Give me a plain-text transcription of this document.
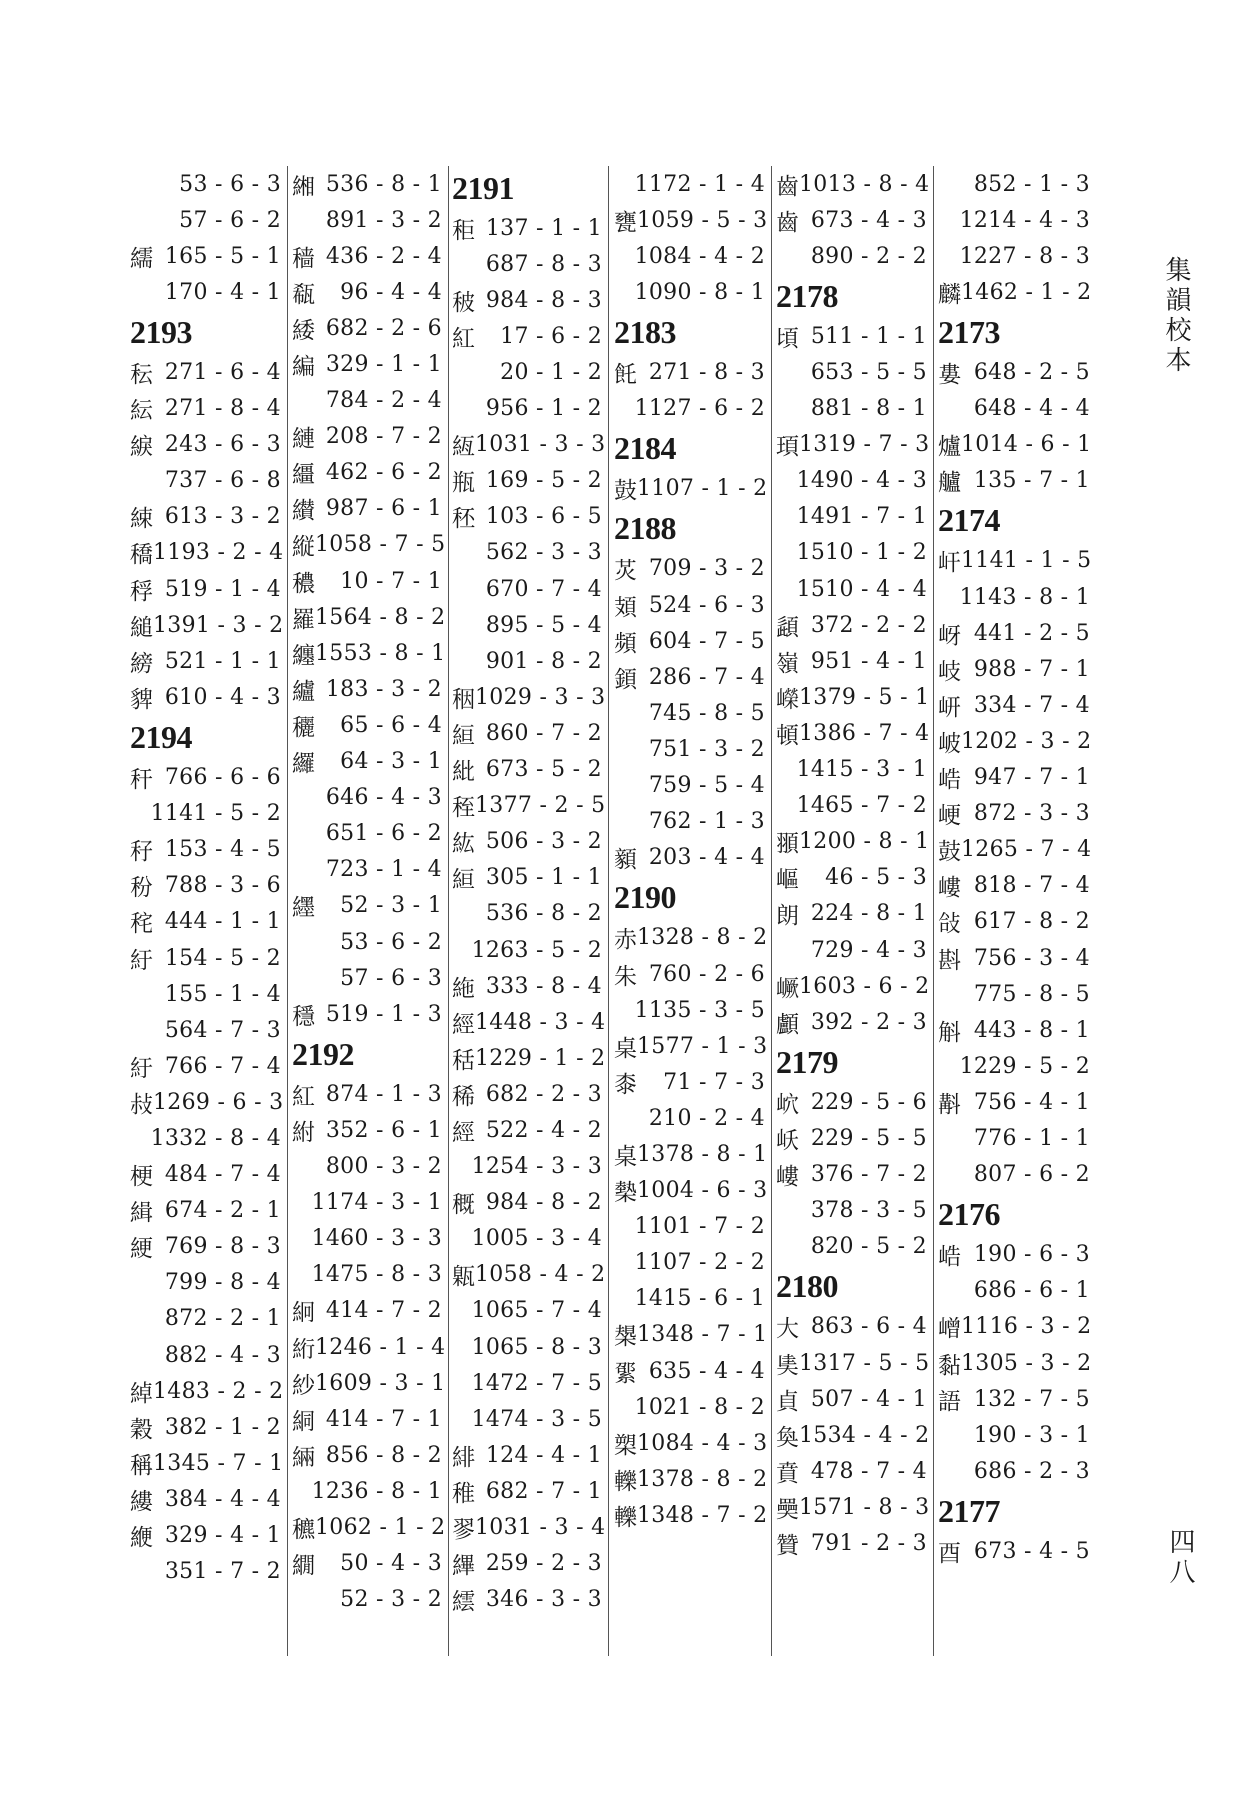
53 - 6 - 3
57 - 6 - 2
繻 165 - 5 - 1
170 - 4 - 1
2193
秐 271 - 6 - 4
紜 271 - 8 - 4
綟 243 - 6 - 3
737 - 6 - 8
綀 613 - 3 - 2
穚 1193 - 2 - 4
稃 519 - 1 - 4
縋 1391 - 3 - 2
縍 521 - 1 - 1
貏 610 - 4 - 3
2194
秆 766 - 6 - 6
1141 - 5 - 2
秄 153 - 4 - 5
秎 788 - 3 - 6
秺 444 - 1 - 1
紆 154 - 5 - 2
155 - 1 - 4
564 - 7 - 3
紆 766 - 7 - 4
敊 1269 - 6 - 3
1332 - 8 - 4
梗 484 - 7 - 4
緝 674 - 2 - 1
綆 769 - 8 - 3
799 - 8 - 4
872 - 2 - 1
882 - 4 - 3
綽 1483 - 2 - 2
穀 382 - 1 - 2
稱 1345 - 7 - 1
縷 384 - 4 - 4
緶 329 - 4 - 1
351 - 7 - 2
緗 536 - 8 - 1
891 - 3 - 2
穑 436 - 2 - 4
瓻	96 - 4 - 4
緌 682 - 2 - 6
編 329 - 1 - 1
784 - 2 - 4
縺 208 - 7 - 2
繮 462 - 6 - 2
纉 987 - 6 - 1
縦 1058 - 7 - 5
穠	10 - 7 - 1
羅 1564 - 8 - 2
纏 1553 - 8 - 1
纑 183 - 3 - 2
穲	65 - 6 - 4
纙	64 - 3 - 1
646 - 4 - 3
651 - 6 - 2
723 - 1 - 4
纆	52 - 3 - 1
53 - 6 - 2
57 - 6 - 3
穩 519 - 1 - 3
2192
紅 874 - 1 - 3
紨 352 - 6 - 1
800 - 3 - 2
1174 - 3 - 1
1460 - 3 - 3
1475 - 8 - 3
絅 414 - 7 - 2
絎 1246 - 1 - 4
紗 1609 - 3 - 1
絧 414 - 7 - 1
緉 856 - 8 - 2
1236 - 8 - 1
穮 1062 - 1 - 2
繝	50 - 4 - 3
52 - 3 - 2
2191
秬 137 - 1 - 1
687 - 8 - 3
秛 984 - 8 - 3
紅	17 - 6 - 2
20 - 1 - 2
956 - 1 - 2
絚 1031 - 3 - 3
瓶 169 - 5 - 2
秠 103 - 6 - 5
562 - 3 - 3
670 - 7 - 4
895 - 5 - 4
901 - 8 - 2
秵 1029 - 3 - 3
絙 860 - 7 - 2
紕 673 - 5 - 2
秷 1377 - 2 - 5
紘 506 - 3 - 2
絙 305 - 1 - 1
536 - 8 - 2
1263 - 5 - 2
絁 333 - 8 - 4
經 1448 - 3 - 4
秳 1229 - 1 - 2
稀 682 - 2 - 3
經 522 - 4 - 2
1254 - 3 - 3
穊 984 - 8 - 2
1005 - 3 - 4
甈 1058 - 4 - 2
1065 - 7 - 4
1065 - 8 - 3
1472 - 7 - 5
1474 - 3 - 5
緋 124 - 4 - 1
稚 682 - 7 - 1
翏 1031 - 3 - 4
縪 259 - 2 - 3
繧 346 - 3 - 3
1172 - 1 - 4
甕 1059 - 5 - 3
1084 - 4 - 2
1090 - 8 - 1
2183
飥 271 - 8 - 3
1127 - 6 - 2
2184
鼓 1107 - 1 - 2
2188
炗 709 - 3 - 2
頍 524 - 6 - 3
頻 604 - 7 - 5
顉 286 - 7 - 4
745 - 8 - 5
751 - 3 - 2
759 - 5 - 4
762 - 1 - 3
顡 203 - 4 - 4
2190
赤 1328 - 8 - 2
朱 760 - 2 - 6
1135 - 3 - 5
桌 1577 - 1 - 3
桼	71 - 7 - 3
210 - 2 - 4
桌 1378 - 8 - 1
槷 1004 - 6 - 3
1101 - 7 - 2
1107 - 2 - 2
1415 - 6 - 1
槼 1348 - 7 - 1
綤 635 - 4 - 4
1021 - 8 - 2
槊 1084 - 4 - 3
轢 1378 - 8 - 2
轢 1348 - 7 - 2
齒 1013 - 8 - 4
齒 673 - 4 - 3
890 - 2 - 2
2178
頃 511 - 1 - 1
653 - 5 - 5
881 - 8 - 1
頊 1319 - 7 - 3
1490 - 4 - 3
1491 - 7 - 1
1510 - 1 - 2
1510 - 4 - 4
頿 372 - 2 - 2
嶺 951 - 4 - 1
嶸 1379 - 5 - 1
頓 1386 - 7 - 4
1415 - 3 - 1
1465 - 7 - 2
頨 1200 - 8 - 1
嶇	46 - 5 - 3
朗 224 - 8 - 1
729 - 4 - 3
嶥 1603 - 6 - 2
顱 392 - 2 - 3
2179
岤 229 - 5 - 6
岆 229 - 5 - 5
嶁 376 - 7 - 2
378 - 3 - 5
820 - 5 - 2
2180
大 863 - 6 - 4
奊 1317 - 5 - 5
貞 507 - 4 - 1
奐 1534 - 4 - 2
賁 478 - 7 - 4
奰 1571 - 8 - 3
贊 791 - 2 - 3
852 - 1 - 3
1214 - 4 - 3
1227 - 8 - 3
麟 1462 - 1 - 2
2173
婁 648 - 2 - 5
648 - 4 - 4
爐 1014 - 6 - 1
艫 135 - 7 - 1
2174
屽 1141 - 1 - 5
1143 - 8 - 1
岈 441 - 2 - 5
岐 988 - 7 - 1
岍 334 - 7 - 4
岥 1202 - 3 - 2
峼 947 - 7 - 1
峺 872 - 3 - 3
鼓 1265 - 7 - 4
嶁 818 - 7 - 4
敆 617 - 8 - 2
斟 756 - 3 - 4
775 - 8 - 5
斛 443 - 8 - 1
1229 - 5 - 2
斠 756 - 4 - 1
776 - 1 - 1
807 - 6 - 2
2176
峼 190 - 6 - 3
686 - 6 - 1
嶒 1116 - 3 - 2
黏 1305 - 3 - 2
語 132 - 7 - 5
190 - 3 - 1
686 - 2 - 3
2177
酉 673 - 4 - 5
集韻校本
四八
